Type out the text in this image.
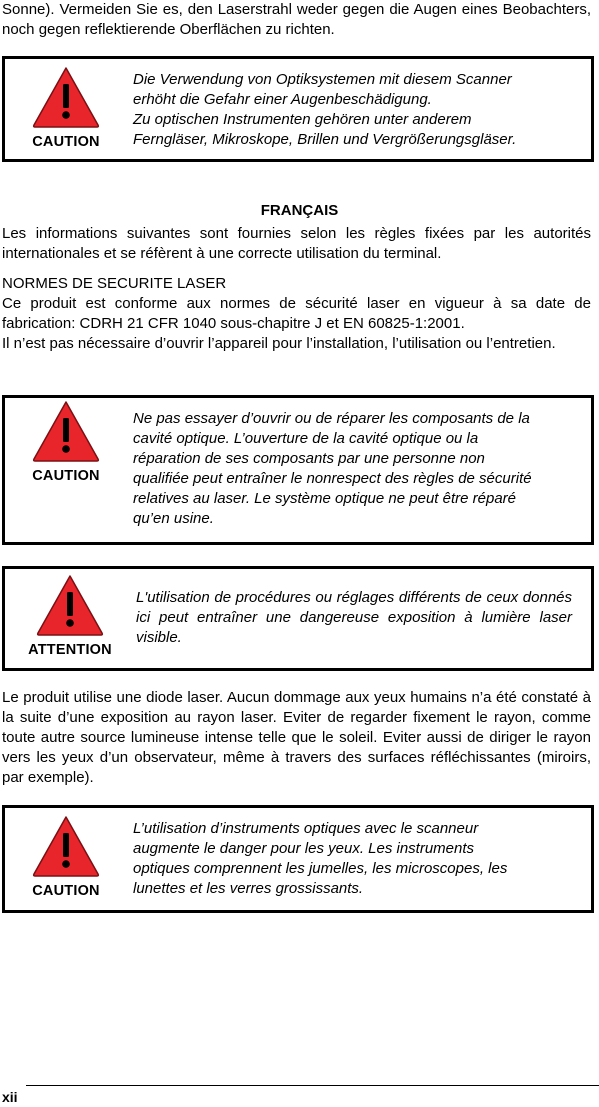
Sonne). Vermeiden Sie es, den Laserstrahl weder gegen die Augen eines Beobachters, noch gegen reflektierende Oberflächen zu richten.

CAUTION

Die Verwendung von Optiksystemen mit diesem Scanner
erhöht die Gefahr einer Augenbeschädigung.
Zu optischen Instrumenten gehören unter anderem
Ferngläser, Mikroskope, Brillen und Vergrößerungsgläser.

FRANÇAIS

Les informations suivantes sont fournies selon les règles fixées par les autorités internationales et se réfèrent à une correcte utilisation du terminal.

NORMES DE SECURITE LASER

Ce produit est conforme aux normes de sécurité laser en vigueur à sa date de fabrication: CDRH 21 CFR 1040 sous-chapitre J et EN 60825-1:2001.

Il n’est pas nécessaire d’ouvrir l’appareil pour l’installation, l’utilisation ou l’entretien.

CAUTION

Ne pas essayer d’ouvrir ou de réparer les composants de la
cavité optique. L’ouverture de la cavité optique ou la
réparation de ses composants par une personne non
qualifiée peut entraîner le nonrespect des règles de sécurité
relatives au laser. Le système optique ne peut être réparé
qu’en usine.

ATTENTION

L'utilisation de procédures ou réglages différents de ceux donnés ici peut entraîner une dangereuse exposition à lumière laser visible.

Le produit utilise une diode laser. Aucun dommage aux yeux humains n’a été constaté à la suite d’une exposition au rayon laser. Eviter de regarder fixement le rayon, comme toute autre source lumineuse intense telle que le soleil. Eviter aussi de diriger le rayon vers les yeux d’un observateur, même à travers des surfaces réfléchissantes (miroirs, par exemple).

CAUTION

L’utilisation d’instruments optiques avec le scanneur
augmente le danger pour les yeux. Les instruments
optiques comprennent les jumelles, les microscopes, les
lunettes et les verres grossissants.

xii
